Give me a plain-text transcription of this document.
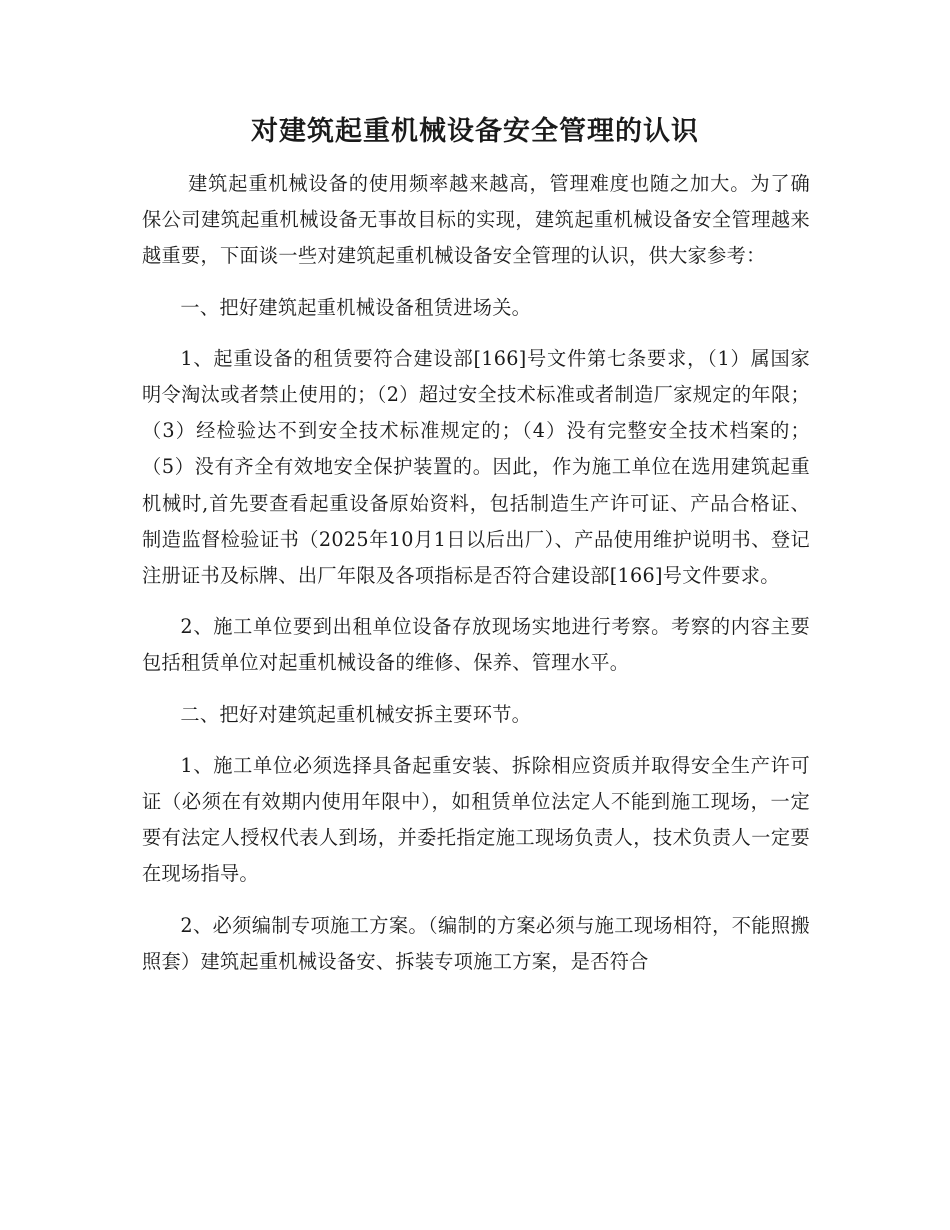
对建筑起重机械设备安全管理的认识

建筑起重机械设备的使用频率越来越高，管理难度也随之加大。为了确保公司建筑起重机械设备无事故目标的实现，建筑起重机械设备安全管理越来越重要，下面谈一些对建筑起重机械设备安全管理的认识，供大家参考：

一、把好建筑起重机械设备租赁进场关。

1、起重设备的租赁要符合建设部[166]号文件第七条要求，（1）属国家明令淘汰或者禁止使用的；（2）超过安全技术标准或者制造厂家规定的年限；（3）经检验达不到安全技术标准规定的；（4）没有完整安全技术档案的；（5）没有齐全有效地安全保护装置的。因此，作为施工单位在选用建筑起重机械时,首先要查看起重设备原始资料，包括制造生产许可证、产品合格证、制造监督检验证书（2025年10月1日以后出厂）、产品使用维护说明书、登记注册证书及标牌、出厂年限及各项指标是否符合建设部[166]号文件要求。

2、施工单位要到出租单位设备存放现场实地进行考察。考察的内容主要包括租赁单位对起重机械设备的维修、保养、管理水平。

二、把好对建筑起重机械安拆主要环节。

1、施工单位必须选择具备起重安装、拆除相应资质并取得安全生产许可证（必须在有效期内使用年限中），如租赁单位法定人不能到施工现场，一定要有法定人授权代表人到场，并委托指定施工现场负责人，技术负责人一定要在现场指导。

2、必须编制专项施工方案。（编制的方案必须与施工现场相符，不能照搬照套）建筑起重机械设备安、拆装专项施工方案，是否符合
